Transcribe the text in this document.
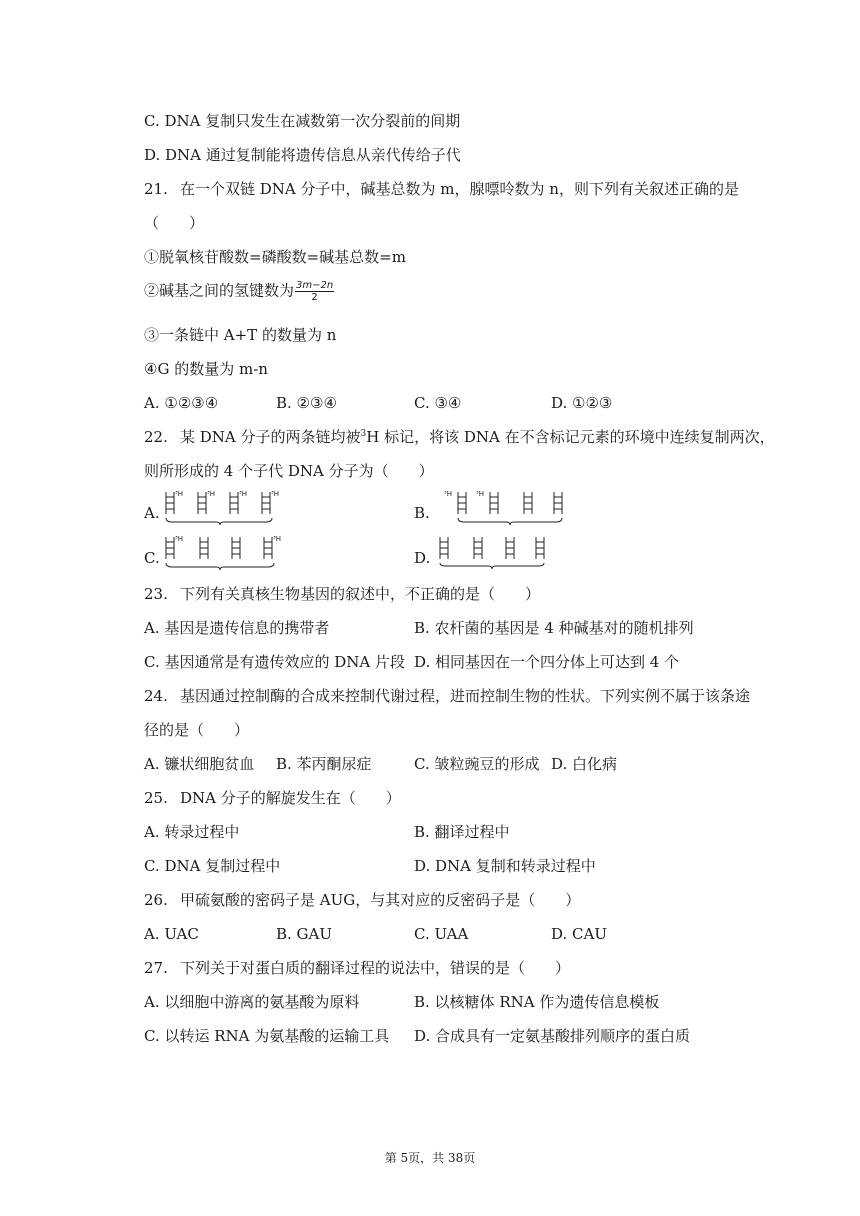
C. DNA 复制只发生在减数第一次分裂前的间期
D. DNA 通过复制能将遗传信息从亲代传给子代
21. 在一个双链 DNA 分子中，碱基总数为 m，腺嘌呤数为 n，则下列有关叙述正确的是
（　　）
①脱氧核苷酸数=磷酸数=碱基总数=m
②碱基之间的氢键数为 $\frac{3m-2n}{2}$
③一条链中 A+T 的数量为 n
④G 的数量为 m-n
A. ①②③④	B. ②③④	C. ③④	D. ①②③
22. 某 DNA 分子的两条链均被$^3$H 标记，将该 DNA 在不含标记元素的环境中连续复制两次，
则所形成的 4 个子代 DNA 分子为（　　）
A.	B.
C.	D.
³H	³H	³H	³H	³H	³H
³H	³H
23. 下列有关真核生物基因的叙述中，不正确的是（　　）
A. 基因是遗传信息的携带者	B. 农杆菌的基因是 4 种碱基对的随机排列
C. 基因通常是有遗传效应的 DNA 片段 D. 相同基因在一个四分体上可达到 4 个
24. 基因通过控制酶的合成来控制代谢过程，进而控制生物的性状。下列实例不属于该条途
径的是（　　）
A. 镰状细胞贫血 B. 苯丙酮尿症	C. 皱粒豌豆的形成 D. 白化病
25. DNA 分子的解旋发生在（　　）
A. 转录过程中	B. 翻译过程中
C. DNA 复制过程中	D. DNA 复制和转录过程中
26. 甲硫氨酸的密码子是 AUG，与其对应的反密码子是（　　）
A. UAC	B. GAU	C. UAA	D. CAU
27. 下列关于对蛋白质的翻译过程的说法中，错误的是（　　）
A. 以细胞中游离的氨基酸为原料	B. 以核糖体 RNA 作为遗传信息模板
C. 以转运 RNA 为氨基酸的运输工具 D. 合成具有一定氨基酸排列顺序的蛋白质
第 5页，共 38页
